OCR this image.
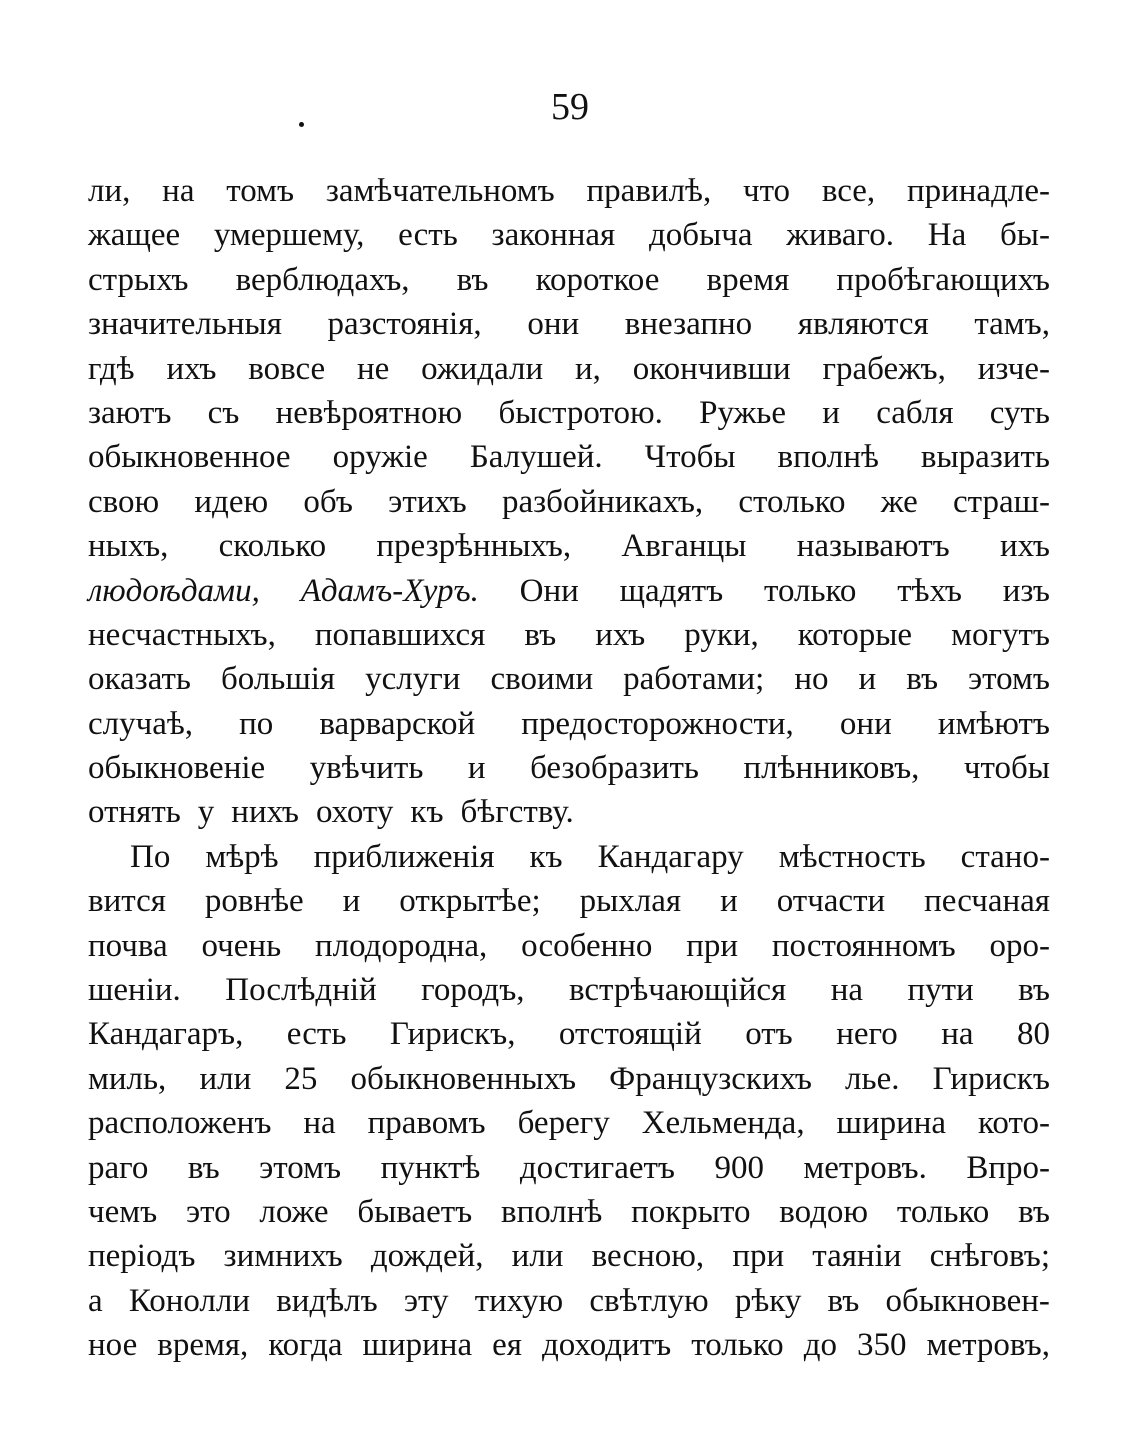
59
ли, на томъ замѣчательномъ правилѣ, что все, принадле-
жащее умершему, есть законная добыча живаго. На бы-
стрыхъ верблюдахъ, въ короткое время пробѣгающихъ
значительныя разстоянія, они внезапно являются тамъ,
гдѣ ихъ вовсе не ожидали и, окончивши грабежъ, изче-
заютъ съ невѣроятною быстротою. Ружье и сабля суть
обыкновенное оружіе Балушей. Чтобы вполнѣ выразить
свою идею объ этихъ разбойникахъ, столько же страш-
ныхъ, сколько презрѣнныхъ, Авганцы называютъ ихъ
людоѣдами, Адамъ-Хуръ. Они щадятъ только тѣхъ изъ
несчастныхъ, попавшихся въ ихъ руки, которые могутъ
оказать большія услуги своими работами; но и въ этомъ
случаѣ, по варварской предосторожности, они имѣютъ
обыкновеніе увѣчить и безобразить плѣнниковъ, чтобы
отнять у нихъ охоту къ бѣгству.
По мѣрѣ приближенія къ Кандагару мѣстность стано-
вится ровнѣе и открытѣе; рыхлая и отчасти песчаная
почва очень плодородна, особенно при постоянномъ оро-
шеніи. Послѣдній городъ, встрѣчающійся на пути въ
Кандагаръ, есть Гирискъ, отстоящій отъ него на 80
миль, или 25 обыкновенныхъ Французскихъ лье. Гирискъ
расположенъ на правомъ берегу Хельменда, ширина кото-
раго въ этомъ пунктѣ достигаетъ 900 метровъ. Впро-
чемъ это ложе бываетъ вполнѣ покрыто водою только въ
періодъ зимнихъ дождей, или весною, при таяніи снѣговъ;
а Конолли видѣлъ эту тихую свѣтлую рѣку въ обыкновен-
ное время, когда ширина ея доходитъ только до 350 метровъ,
